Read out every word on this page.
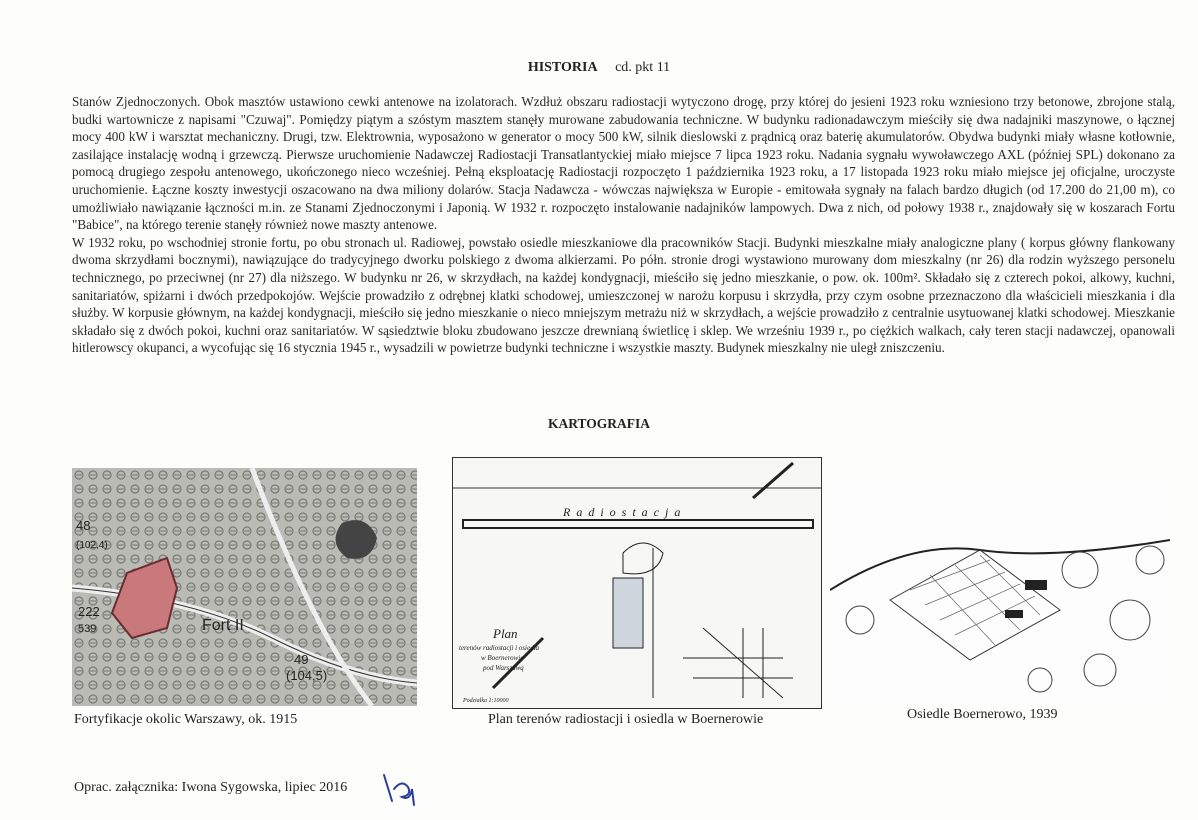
HISTORIA cd. pkt 11

Stanów Zjednoczonych. Obok masztów ustawiono cewki antenowe na izolatorach. Wzdłuż obszaru radiostacji wytyczono drogę, przy której do jesieni 1923 roku wzniesiono trzy betonowe, zbrojone stalą, budki wartownicze z napisami "Czuwaj". Pomiędzy piątym a szóstym masztem stanęły murowane zabudowania techniczne. W budynku radionadawczym mieściły się dwa nadajniki maszynowe, o łącznej mocy 400 kW i warsztat mechaniczny. Drugi, tzw. Elektrownia, wyposażono w generator o mocy 500 kW, silnik dieslowski z prądnicą oraz baterię akumulatorów. Obydwa budynki miały własne kotłownie, zasilające instalację wodną i grzewczą. Pierwsze uruchomienie Nadawczej Radiostacji Transatlantyckiej miało miejsce 7 lipca 1923 roku. Nadania sygnału wywoławczego AXL (później SPL) dokonano za pomocą drugiego zespołu antenowego, ukończonego nieco wcześniej. Pełną eksploatację Radiostacji rozpoczęto 1 października 1923 roku, a 17 listopada 1923 roku miało miejsce jej oficjalne, uroczyste uruchomienie. Łączne koszty inwestycji oszacowano na dwa miliony dolarów. Stacja Nadawcza - wówczas największa w Europie - emitowała sygnały na falach bardzo długich (od 17.200 do 21,00 m), co umożliwiało nawiązanie łączności m.in. ze Stanami Zjednoczonymi i Japonią. W 1932 r. rozpoczęto instalowanie nadajników lampowych. Dwa z nich, od połowy 1938 r., znajdowały się w koszarach Fortu "Babice", na którego terenie stanęły również nowe maszty antenowe.

W 1932 roku, po wschodniej stronie fortu, po obu stronach ul. Radiowej, powstało osiedle mieszkaniowe dla pracowników Stacji. Budynki mieszkalne miały analogiczne plany ( korpus główny flankowany dwoma skrzydłami bocznymi), nawiązujące do tradycyjnego dworku polskiego z dwoma alkierzami. Po półn. stronie drogi wystawiono murowany dom mieszkalny (nr 26) dla rodzin wyższego personelu technicznego, po przeciwnej (nr 27) dla niższego. W budynku nr 26, w skrzydłach, na każdej kondygnacji, mieściło się jedno mieszkanie, o pow. ok. 100m². Składało się z czterech pokoi, alkowy, kuchni, sanitariatów, spiżarni i dwóch przedpokojów. Wejście prowadziło z odrębnej klatki schodowej, umieszczonej w narożu korpusu i skrzydła, przy czym osobne przeznaczono dla właścicieli mieszkania i dla służby. W korpusie głównym, na każdej kondygnacji, mieściło się jedno mieszkanie o nieco mniejszym metrażu niż w skrzydłach, a wejście prowadziło z centralnie usytuowanej klatki schodowej. Mieszkanie składało się z dwóch pokoi, kuchni oraz sanitariatów. W sąsiedztwie bloku zbudowano jeszcze drewnianą świetlicę i sklep. We wrześniu 1939 r., po ciężkich walkach, cały teren stacji nadawczej, opanowali hitlerowscy okupanci, a wycofując się 16 stycznia 1945 r., wysadzili w powietrze budynki techniczne i wszystkie maszty. Budynek mieszkalny nie uległ zniszczeniu.

KARTOGRAFIA
48
(102,4)
222
539	Fort II
49
(104,5)
Radiostacja
Plan
terenów radiostacji i osiedla
w Boernerowie
pod Warszawą
Podziałka 1:10000
Fortyfikacje okolic Warszawy, ok. 1915	Plan terenów radiostacji i osiedla w Boernerowie	Osiedle Boernerowo, 1939
Oprac. załącznika: Iwona Sygowska, lipiec 2016
